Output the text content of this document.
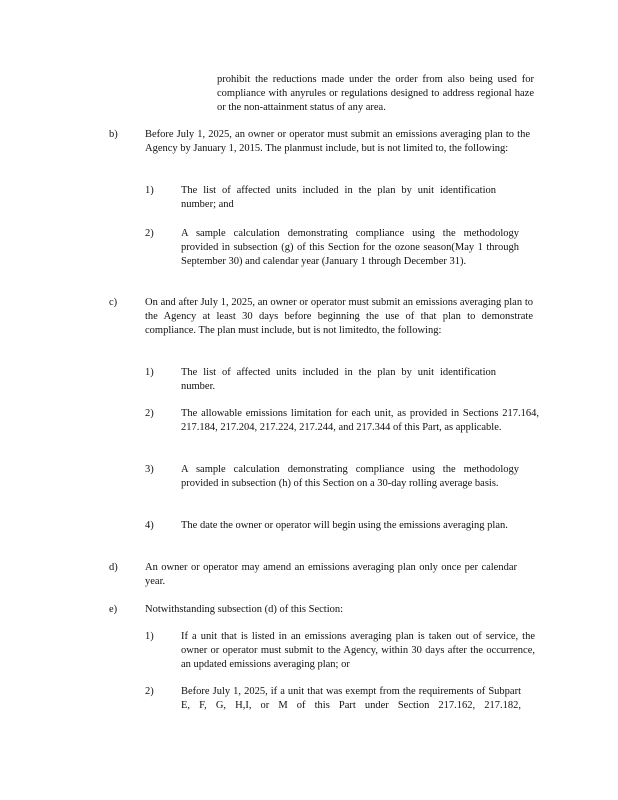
prohibit the reductions made under the order from also being used for compliance with anyrules or regulations designed to address regional haze or the non-attainment status of any area.

b)	Before July 1, 2025, an owner or operator must submit an emissions averaging plan to the Agency by January 1, 2015. The planmust include, but is not limited to, the following:

1)	The list of affected units included in the plan by unit identification number; and

2)	A sample calculation demonstrating compliance using the methodology provided in subsection (g) of this Section for the ozone season(May 1 through September 30) and calendar year (January 1 through December 31).

c)	On and after July 1, 2025, an owner or operator must submit an emissions averaging plan to the Agency at least 30 days before beginning the use of that plan to demonstrate compliance. The plan must include, but is not limitedto, the following:

1)	The list of affected units included in the plan by unit identification number.

2)	The allowable emissions limitation for each unit, as provided in Sections 217.164, 217.184, 217.204, 217.224, 217.244, and 217.344 of this Part, as applicable.

3)	A sample calculation demonstrating compliance using the methodology provided in subsection (h) of this Section on a 30-day rolling average basis.

4)	The date the owner or operator will begin using the emissions averaging plan.

d)	An owner or operator may amend an emissions averaging plan only once per calendar year.

e)	Notwithstanding subsection (d) of this Section:

1)	If a unit that is listed in an emissions averaging plan is taken out of service, the owner or operator must submit to the Agency, within 30 days after the occurrence, an updated emissions averaging plan; or

2)	Before July 1, 2025, if a unit that was exempt from the requirements of Subpart E, F, G, H,I, or M of this Part under Section 217.162, 217.182,
